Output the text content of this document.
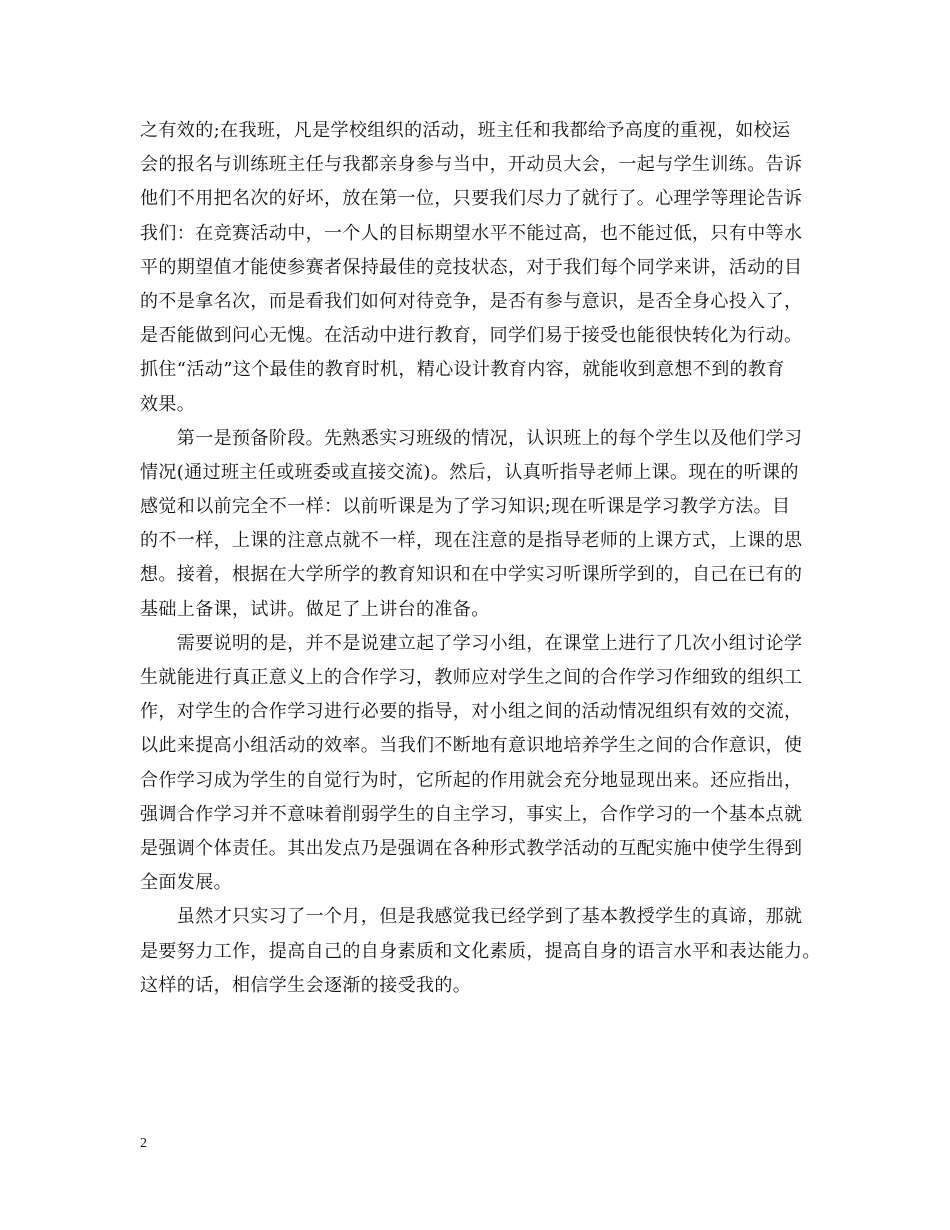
之有效的;在我班，凡是学校组织的活动，班主任和我都给予高度的重视，如校运
会的报名与训练班主任与我都亲身参与当中，开动员大会，一起与学生训练。告诉
他们不用把名次的好坏，放在第一位，只要我们尽力了就行了。心理学等理论告诉
我们：在竞赛活动中，一个人的目标期望水平不能过高，也不能过低，只有中等水
平的期望值才能使参赛者保持最佳的竞技状态，对于我们每个同学来讲，活动的目
的不是拿名次，而是看我们如何对待竞争，是否有参与意识，是否全身心投入了，
是否能做到问心无愧。在活动中进行教育，同学们易于接受也能很快转化为行动。
抓住“活动”这个最佳的教育时机，精心设计教育内容，就能收到意想不到的教育
效果。
　　第一是预备阶段。先熟悉实习班级的情况，认识班上的每个学生以及他们学习
情况(通过班主任或班委或直接交流)。然后，认真听指导老师上课。现在的听课的
感觉和以前完全不一样：以前听课是为了学习知识;现在听课是学习教学方法。目
的不一样，上课的注意点就不一样，现在注意的是指导老师的上课方式，上课的思
想。接着，根据在大学所学的教育知识和在中学实习听课所学到的，自己在已有的
基础上备课，试讲。做足了上讲台的准备。
　　需要说明的是，并不是说建立起了学习小组，在课堂上进行了几次小组讨论学
生就能进行真正意义上的合作学习，教师应对学生之间的合作学习作细致的组织工
作，对学生的合作学习进行必要的指导，对小组之间的活动情况组织有效的交流，
以此来提高小组活动的效率。当我们不断地有意识地培养学生之间的合作意识，使
合作学习成为学生的自觉行为时，它所起的作用就会充分地显现出来。还应指出，
强调合作学习并不意味着削弱学生的自主学习，事实上，合作学习的一个基本点就
是强调个体责任。其出发点乃是强调在各种形式教学活动的互配实施中使学生得到
全面发展。
　　虽然才只实习了一个月，但是我感觉我已经学到了基本教授学生的真谛，那就
是要努力工作，提高自己的自身素质和文化素质，提高自身的语言水平和表达能力。
这样的话，相信学生会逐渐的接受我的。
2
